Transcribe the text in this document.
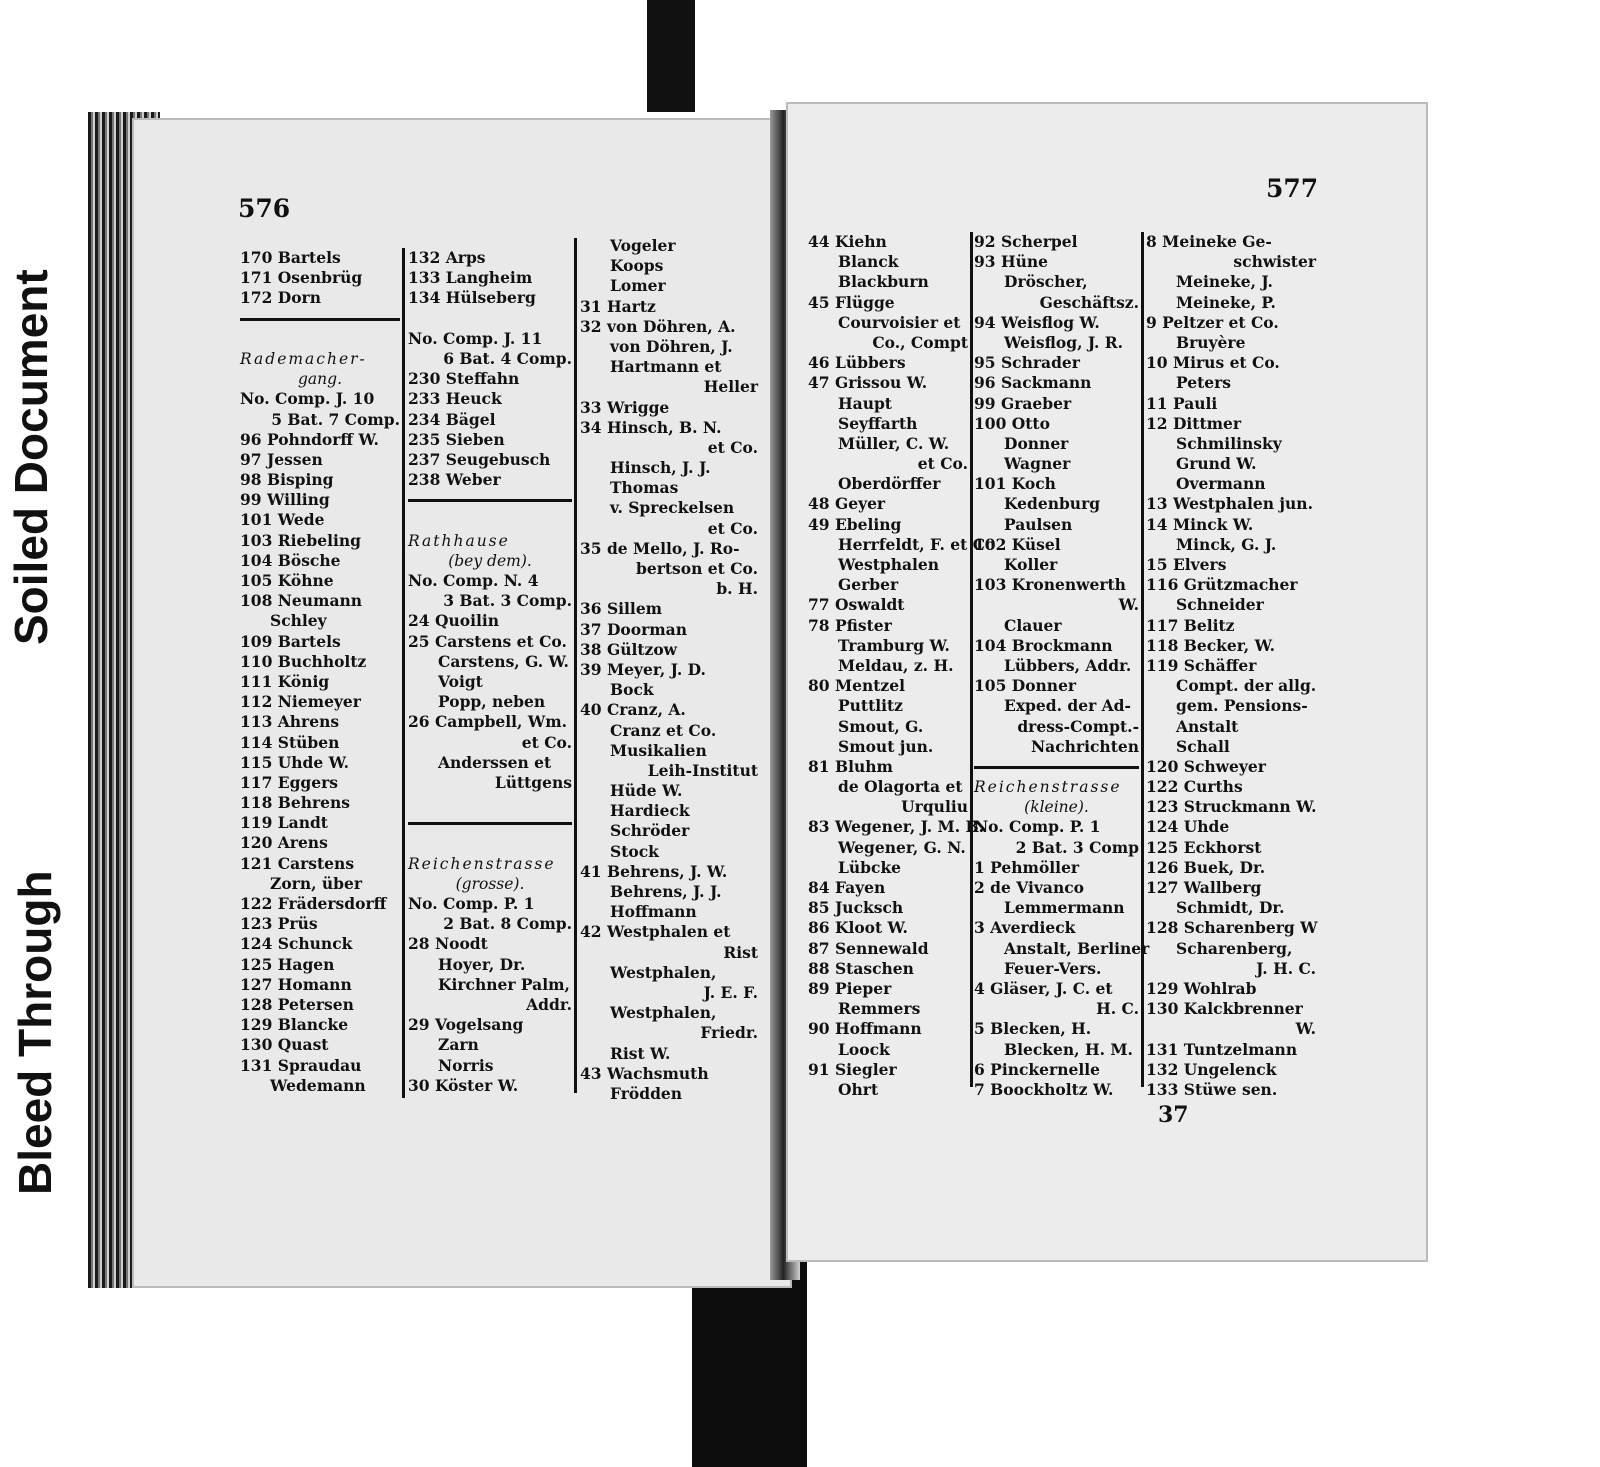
Bleed Through
Soiled Document
576
170 Bartels
171 Osenbrüg
172 Dorn
Rademacher-
gang.
No. Comp. J. 10
5 Bat. 7 Comp.
96 Pohndorff W.
97 Jessen
98 Bisping
99 Willing
101 Wede
103 Riebeling
104 Bösche
105 Köhne
108 Neumann
Schley
109 Bartels
110 Buchholtz
111 König
112 Niemeyer
113 Ahrens
114 Stüben
115 Uhde W.
117 Eggers
118 Behrens
119 Landt
120 Arens
121 Carstens
Zorn, über
122 Frädersdorff
123 Prüs
124 Schunck
125 Hagen
127 Homann
128 Petersen
129 Blancke
130 Quast
131 Spraudau
Wedemann
132 Arps
133 Langheim
134 Hülseberg
No. Comp. J. 11
6 Bat. 4 Comp.
230 Steffahn
233 Heuck
234 Bägel
235 Sieben
237 Seugebusch
238 Weber
Rathhause
(bey dem).
No. Comp. N. 4
3 Bat. 3 Comp.
24 Quoilin
25 Carstens et Co.
Carstens, G. W.
Voigt
Popp, neben
26 Campbell, Wm.
et Co.
Anderssen et
Lüttgens
Reichenstrasse
(grosse).
No. Comp. P. 1
2 Bat. 8 Comp.
28 Noodt
Hoyer, Dr.
Kirchner Palm,
Addr.
29 Vogelsang
Zarn
Norris
30 Köster W.
Vogeler
Koops
Lomer
31 Hartz
32 von Döhren, A.
von Döhren, J.
Hartmann et
Heller
33 Wrigge
34 Hinsch, B. N.
et Co.
Hinsch, J. J.
Thomas
v. Spreckelsen
et Co.
35 de Mello, J. Ro-
bertson et Co.
b. H.
36 Sillem
37 Doorman
38 Gültzow
39 Meyer, J. D.
Bock
40 Cranz, A.
Cranz et Co.
Musikalien
Leih-Institut
Hüde W.
Hardieck
Schröder
Stock
41 Behrens, J. W.
Behrens, J. J.
Hoffmann
42 Westphalen et
Rist
Westphalen,
J. E. F.
Westphalen,
Friedr.
Rist W.
43 Wachsmuth
Frödden
577
44 Kiehn
Blanck
Blackburn
45 Flügge
Courvoisier et
Co., Compt
46 Lübbers
47 Grissou W.
Haupt
Seyffarth
Müller, C. W.
et Co.
Oberdörffer
48 Geyer
49 Ebeling
Herrfeldt, F. et Co
Westphalen
Gerber
77 Oswaldt
78 Pfister
Tramburg W.
Meldau, z. H.
80 Mentzel
Puttlitz
Smout, G.
Smout jun.
81 Bluhm
de Olagorta et
Urquliu
83 Wegener, J. M. B.
Wegener, G. N.
Lübcke
84 Fayen
85 Jucksch
86 Kloot W.
87 Sennewald
88 Staschen
89 Pieper
Remmers
90 Hoffmann
Loock
91 Siegler
Ohrt
92 Scherpel
93 Hüne
Dröscher,
Geschäftsz.
94 Weisflog W.
Weisflog, J. R.
95 Schrader
96 Sackmann
99 Graeber
100 Otto
Donner
Wagner
101 Koch
Kedenburg
Paulsen
102 Küsel
Koller
103 Kronenwerth
W.
Clauer
104 Brockmann
Lübbers, Addr.
105 Donner
Exped. der Ad-
dress-Compt.-
Nachrichten
Reichenstrasse
(kleine).
No. Comp. P. 1
2 Bat. 3 Comp
1 Pehmöller
2 de Vivanco
Lemmermann
3 Averdieck
Anstalt, Berliner
Feuer-Vers.
4 Gläser, J. C. et
H. C.
5 Blecken, H.
Blecken, H. M.
6 Pinckernelle
7 Boockholtz W.
8 Meineke Ge-
schwister
Meineke, J.
Meineke, P.
9 Peltzer et Co.
Bruyère
10 Mirus et Co.
Peters
11 Pauli
12 Dittmer
Schmilinsky
Grund W.
Overmann
13 Westphalen jun.
14 Minck W.
Minck, G. J.
15 Elvers
116 Grützmacher
Schneider
117 Belitz
118 Becker, W.
119 Schäffer
Compt. der allg.
gem. Pensions-
Anstalt
Schall
120 Schweyer
122 Curths
123 Struckmann W.
124 Uhde
125 Eckhorst
126 Buek, Dr.
127 Wallberg
Schmidt, Dr.
128 Scharenberg W
Scharenberg,
J. H. C.
129 Wohlrab
130 Kalckbrenner
W.
131 Tuntzelmann
132 Ungelenck
133 Stüwe sen.
37
